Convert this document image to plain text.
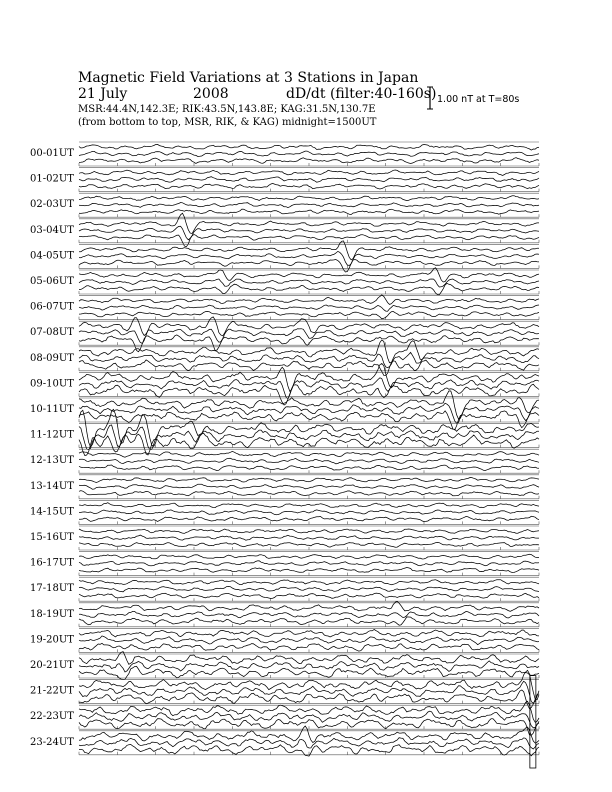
Magnetic Field Variations at 3 Stations in Japan
21 July	2008	dD/dt (filter:40-160s)
MSR:44.4N,142.3E; RIK:43.5N,143.8E; KAG:31.5N,130.7E
(from bottom to top, MSR, RIK, & KAG) midnight=1500UT
1.00 nT at T=80s
00-01UT
01-02UT
02-03UT
03-04UT
04-05UT
05-06UT
06-07UT
07-08UT
08-09UT
09-10UT
10-11UT
11-12UT
12-13UT
13-14UT
14-15UT
15-16UT
16-17UT
17-18UT
18-19UT
19-20UT
20-21UT
21-22UT
22-23UT
23-24UT
